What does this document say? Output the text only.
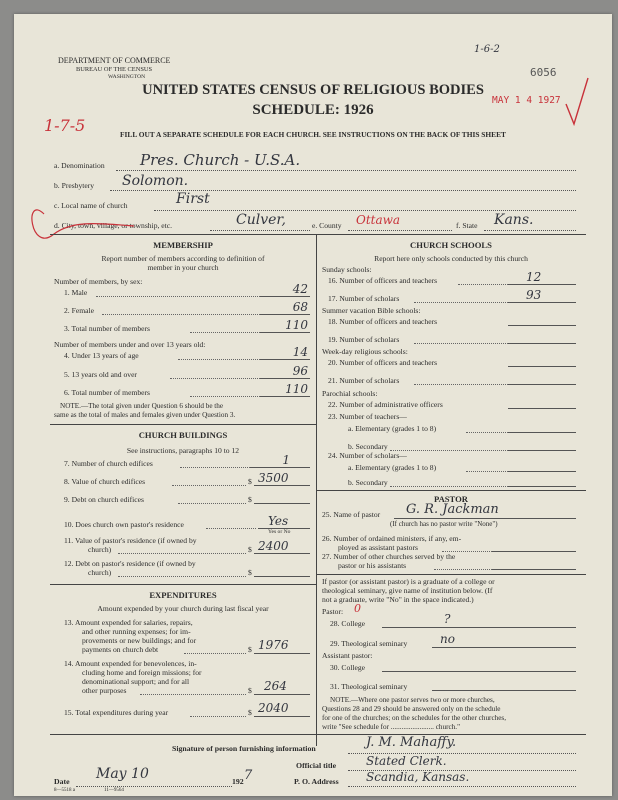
DEPARTMENT OF COMMERCE
BUREAU OF THE CENSUS
WASHINGTON
UNITED STATES CENSUS OF RELIGIOUS BODIES
SCHEDULE: 1926
FILL OUT A SEPARATE SCHEDULE FOR EACH CHURCH. SEE INSTRUCTIONS ON THE BACK OF THIS SHEET
6056
MAY 1 4 1927
1-6-2
1-7-5
a. Denomination Pres. Church - U.S.A.
b. Presbytery Solomon.
c. Local name of church	First
d. City, town, village, or township, etc.	Culver,	e. County Ottawa	f. State Kans.
MEMBERSHIP
Report number of members according to definition of
member in your church
Number of members, by sex:
1. Male	42
2. Female	68
3. Total number of members	110
Number of members under and over 13 years old:
4. Under 13 years of age	14
5. 13 years old and over	96
6. Total number of members	110
NOTE.—The total given under Question 6 should be the
same as the total of males and females given under Question 3.
CHURCH BUILDINGS
See instructions, paragraphs 10 to 12
7. Number of church edifices	1
8. Value of church edifices	$ 3500
9. Debt on church edifices	$
10. Does church own pastor's residence	Yes
Yes or No
11. Value of pastor's residence (if owned by
church)	$ 2400
12. Debt on pastor's residence (if owned by
church)	$
EXPENDITURES
Amount expended by your church during last fiscal year
13. Amount expended for salaries, repairs,
and other running expenses; for im-
provements or new buildings; and for
payments on church debt	$ 1976
14. Amount expended for benevolences, in-
cluding home and foreign missions; for
denominational support; and for all
other purposes	$ 264
15. Total expenditures during year	$ 2040
CHURCH SCHOOLS
Report here only schools conducted by this church
Sunday schools:
16. Number of officers and teachers	12
17. Number of scholars	93
Summer vacation Bible schools:
18. Number of officers and teachers
19. Number of scholars
Week-day religious schools:
20. Number of officers and teachers
21. Number of scholars
Parochial schools:
22. Number of administrative officers
23. Number of teachers—
a. Elementary (grades 1 to 8)
b. Secondary
24. Number of scholars—
a. Elementary (grades 1 to 8)
b. Secondary
PASTOR
25. Name of pastor G. R. Jackman
(If church has no pastor write "None")
26. Number of ordained ministers, if any, em-
ployed as assistant pastors
27. Number of other churches served by the
pastor or his assistants
If pastor (or assistant pastor) is a graduate of a college or
theological seminary, give name of institution below. (If
not a graduate, write "No" in the space indicated.)
Pastor: 0
28. College	?
29. Theological seminary	no
Assistant pastor:
30. College
31. Theological seminary
NOTE.—Where one pastor serves two or more churches,
Questions 28 and 29 should be answered only on the schedule
for one of the churches; on the schedules for the other churches,
write "See schedule for ........................ church."
Signature of person furnishing information	J. M. Mahaffy.
Official title Stated Clerk.
Date May 10	192 7	P. O. Address Scandia, Kansas.
8—5518 a	11—9564
